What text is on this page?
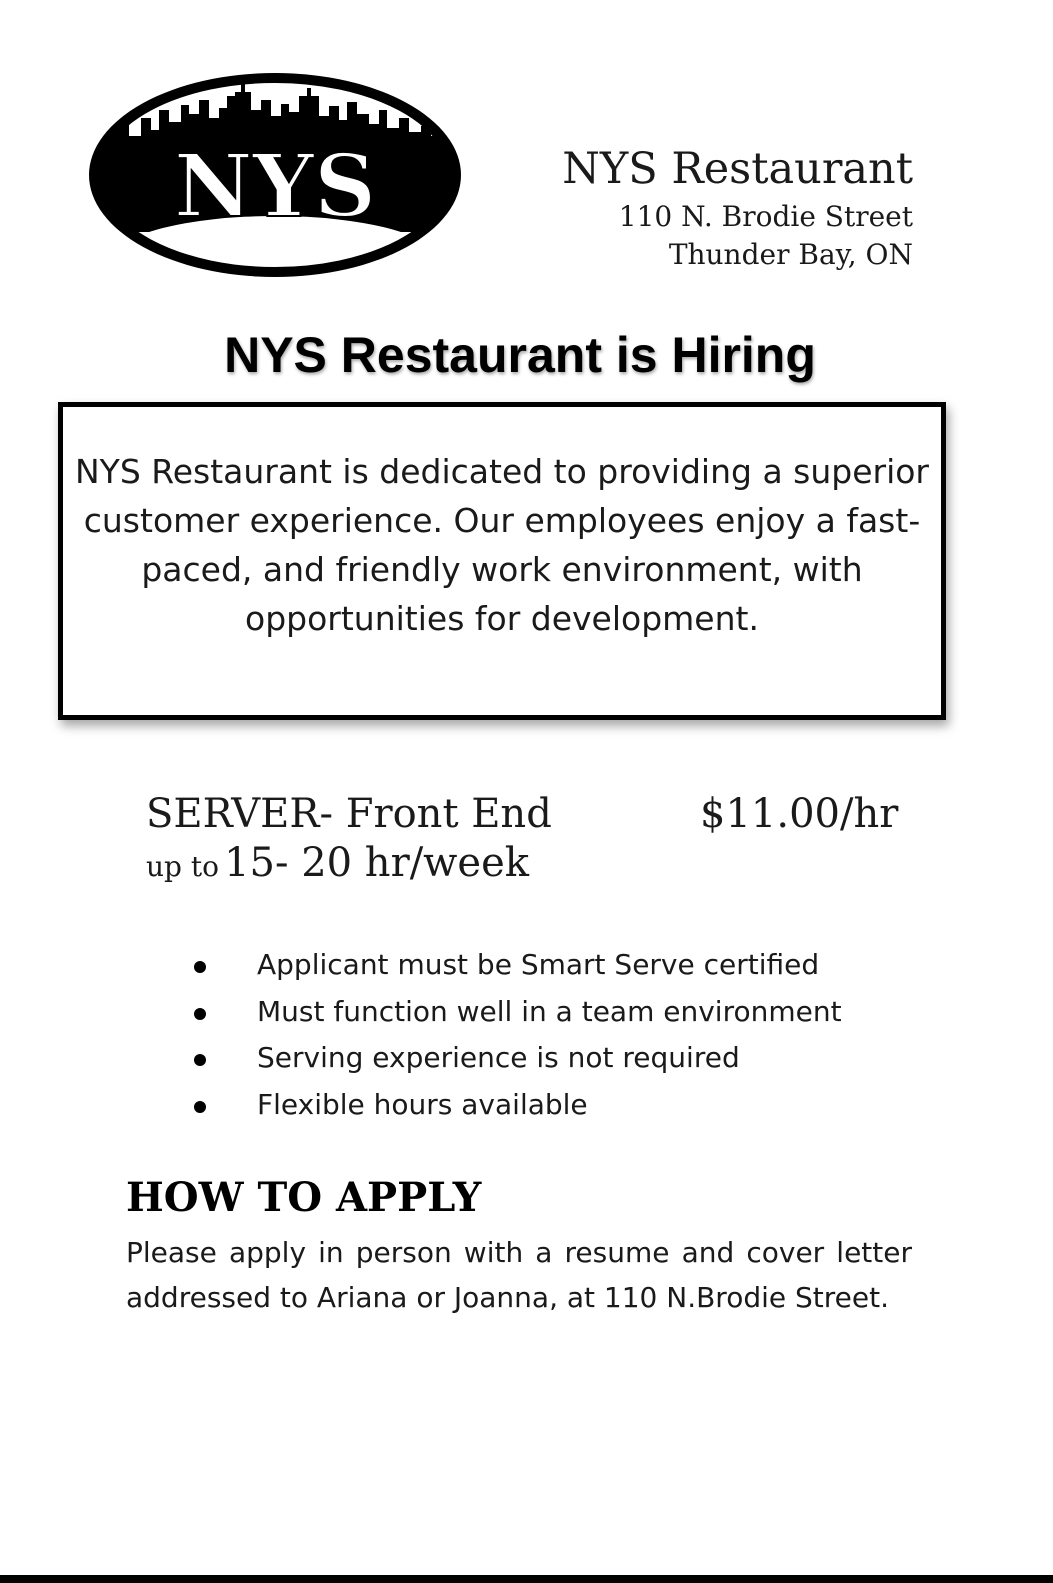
NYS	NYS Restaurant
110 N. Brodie Street
Thunder Bay, ON
NYS Restaurant is Hiring
NYS Restaurant is dedicated to providing a superior customer experience. Our employees enjoy a fast-paced, and friendly work environment, with opportunities for development.
SERVER- Front End
up to 15- 20 hr/week
$11.00/hr
Applicant must be Smart Serve certified
Must function well in a team environment
Serving experience is not required
Flexible hours available
HOW TO APPLY
Please apply in person with a resume and cover letter addressed to Ariana or Joanna, at 110 N.Brodie Street.
